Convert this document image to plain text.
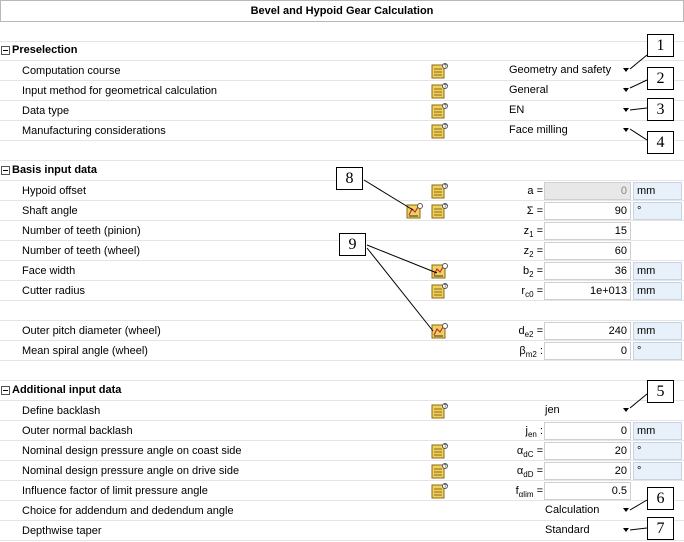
Bevel and Hypoid Gear Calculation
Preselection
Computation course	?	Geometry and safety
Input method for geometrical calculation	?	General
Data type	?	EN
Manufacturing considerations	?	Face milling
Basis input data
Hypoid offset	?	a =	0 mm
Shaft angle	?	Σ =	90 °
Number of teeth (pinion)	$z_1$ =	15
Number of teeth (wheel)	$z_2$ =	60
Face width	$b_2$ =	36 mm
Cutter radius	?	$r_{c0}$ =	1e+013 mm
Outer pitch diameter (wheel)	$d_{e2}$ =	240 mm
Mean spiral angle (wheel)	$\beta_{m2}$ :	0 °
Additional input data
Define backlash	?	jen
Outer normal backlash	$j_{en}$ :	0 mm
Nominal design pressure angle on coast side	?	$\alpha_{dC}$ =	20 °
Nominal design pressure angle on drive side	?	$\alpha_{dD}$ =	20 °
Influence factor of limit pressure angle	?	$f_{\alpha lim}$ =	0.5
Choice for addendum and dedendum angle	Calculation
Depthwise taper	Standard
1
2
3
4
5
6
7
8
9
